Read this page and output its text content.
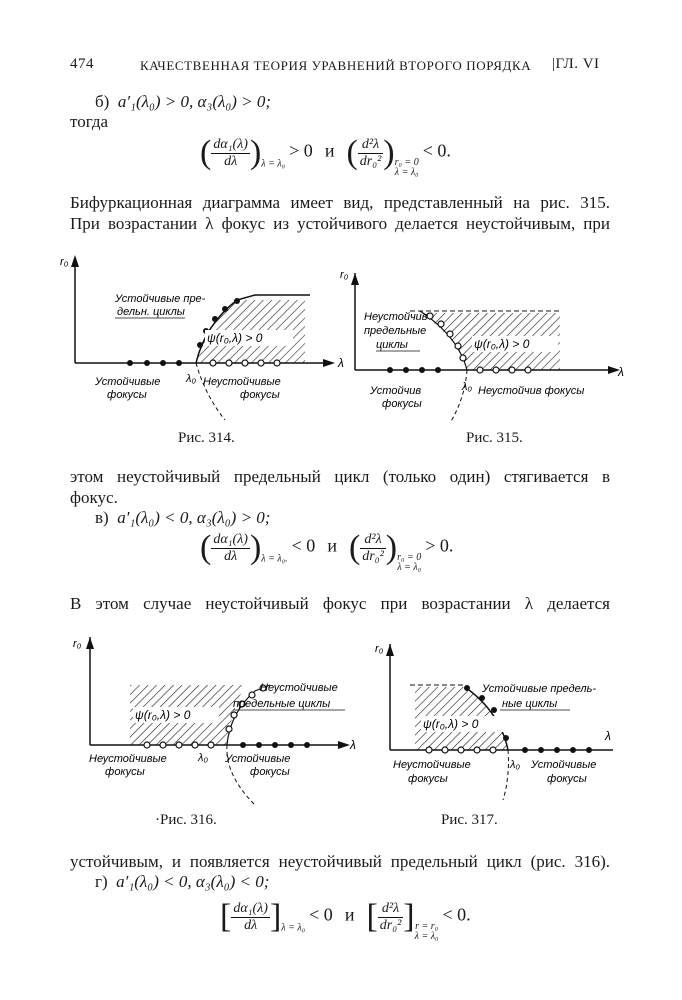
474	КАЧЕСТВЕННАЯ ТЕОРИЯ УРАВНЕНИЙ ВТОРОГО ПОРЯДКА |ГЛ. VI
б) a′₁(λ₀) > 0, α₃(λ₀) > 0;
тогда
( $\frac{\text{dα₁(λ)}}{d\lambda} )_{\lambda = \lambda_0} > 0$ и ( $\frac{\text{d²λ}}{\text{dr₀²}} )r_0 = 0$
λ = λ₀ < 0.
Бифуркационная диаграмма имеет вид, представленный на рис. 315.
При возрастании λ фокус из устойчивого делается неустойчивым, при
r₀
λ
Устойчивые пре-
дельн. циклы
ψ(r₀,λ) > 0
λ₀
Устойчивые
фокусы
Неустойчивые
фокусы
Рис. 314.
r₀
λ
Неустойчив
предельные
циклы	ψ(r₀,λ) > 0
λ₀
Устойчив
фокусы
Неустойчив фокусы
Рис. 315.
этом неустойчивый предельный цикл (только один) стягивается в
фокус.
в) a′₁(λ₀) < 0, α₃(λ₀) > 0;
( $\frac{\text{dα₁(λ)}}{d\lambda} )_{\lambda = \lambda_0.} < 0$ и ( $\frac{\text{d²λ}}{\text{dr₀²}} )r_0 = 0$
λ = λ₀ > 0.
В этом случае неустойчивый фокус при возрастании λ делается
r₀
λ
Неустойчивые
предельные циклы
ψ(r₀,λ) > 0
λ₀
Неустойчивые
фокусы
Устойчивые
фокусы
·Рис. 316.
r₀
λ
Устойчивые предель-
ные циклы
ψ(r₀,λ) > 0
λ₀
Неустойчивые
фокусы
Устойчивые
фокусы
Рис. 317.
устойчивым, и появляется неустойчивый предельный цикл (рис. 316).
г) a′₁(λ₀) < 0, α₃(λ₀) < 0;
[ $\frac{\text{dα₁(λ)}}{d\lambda} ]_{\lambda = \lambda_0} < 0$ и [ $\frac{\text{d²λ}}{\text{dr₀²}} ]r = r_0$
λ = λ₀ < 0.
